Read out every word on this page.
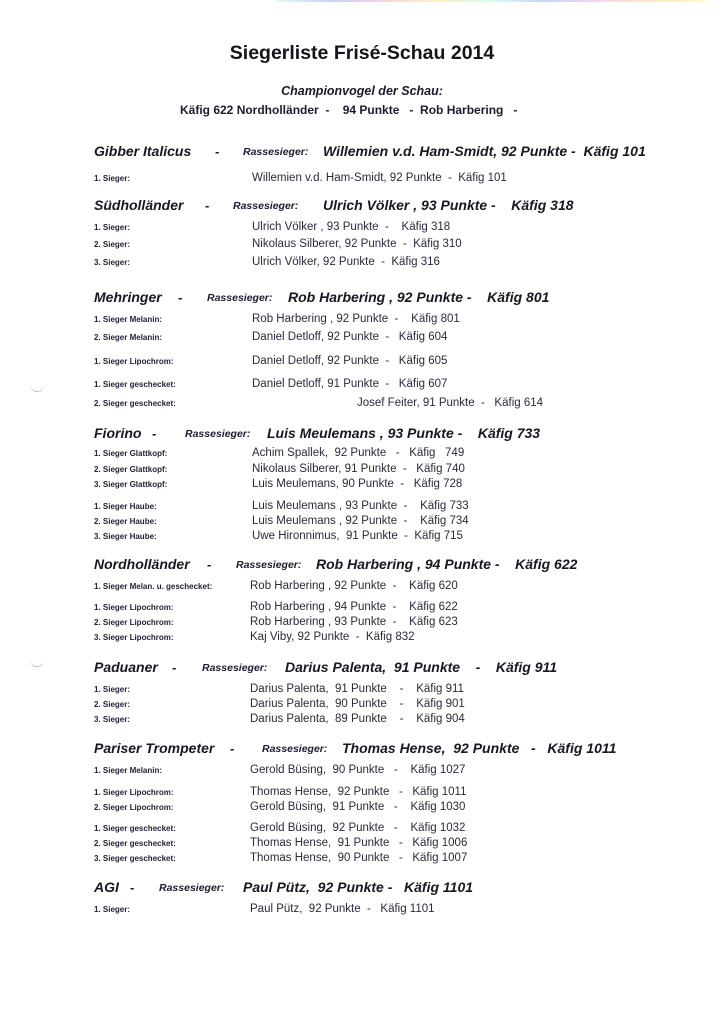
Siegerliste Frisé-Schau 2014
Championvogel der Schau:
Käfig 622 Nordholländer  -    94 Punkte   -  Rob Harbering   -
Gibber Italicus - Rassesieger: Willemien v.d. Ham-Smidt, 92 Punkte -  Käfig 101
1. Sieger:	Willemien v.d. Ham-Smidt, 92 Punkte  -  Käfig 101
Südholländer - Rassesieger: Ulrich Völker , 93 Punkte -    Käfig 318
1. Sieger:	Ulrich Völker , 93 Punkte  -    Käfig 318
2. Sieger:	Nikolaus Silberer, 92 Punkte  -  Käfig 310
3. Sieger:	Ulrich Völker, 92 Punkte  -  Käfig 316
Mehringer - Rassesieger: Rob Harbering , 92 Punkte -    Käfig 801
1. Sieger Melanin:	Rob Harbering , 92 Punkte  -    Käfig 801
2. Sieger Melanin:	Daniel Detloff, 92 Punkte  -   Käfig 604
1. Sieger Lipochrom:	Daniel Detloff, 92 Punkte  -   Käfig 605
1. Sieger geschecket:	Daniel Detloff, 91 Punkte  -   Käfig 607
2. Sieger geschecket:	Josef Feiter, 91 Punkte  -   Käfig 614
Fiorino -	Rassesieger: Luis Meulemans , 93 Punkte -    Käfig 733
1. Sieger Glattkopf:	Achim Spallek,  92 Punkte   -   Käfig   749
2. Sieger Glattkopf:	Nikolaus Silberer, 91 Punkte  -   Käfig 740
3. Sieger Glattkopf:	Luis Meulemans, 90 Punkte  -   Käfig 728
1. Sieger Haube:	Luis Meulemans , 93 Punkte  -    Käfig 733
2. Sieger Haube:	Luis Meulemans , 92 Punkte  -    Käfig 734
3. Sieger Haube:	Uwe Hironnimus,  91 Punkte  -  Käfig 715
Nordholländer - Rassesieger: Rob Harbering , 94 Punkte -    Käfig 622
1. Sieger Melan. u. geschecket:	Rob Harbering , 92 Punkte  -    Käfig 620
1. Sieger Lipochrom:	Rob Harbering , 94 Punkte  -    Käfig 622
2. Sieger Lipochrom:	Rob Harbering , 93 Punkte  -    Käfig 623
3. Sieger Lipochrom:	Kaj Viby, 92 Punkte  -  Käfig 832
Paduaner - Rassesieger: Darius Palenta,  91 Punkte    -    Käfig 911
1. Sieger:	Darius Palenta,  91 Punkte    -    Käfig 911
2. Sieger:	Darius Palenta,  90 Punkte    -    Käfig 901
3. Sieger:	Darius Palenta,  89 Punkte    -    Käfig 904
Pariser Trompeter -	Rassesieger: Thomas Hense,  92 Punkte   -   Käfig 1011
1. Sieger Melanin:	Gerold Büsing,  90 Punkte   -    Käfig 1027
1. Sieger Lipochrom:	Thomas Hense,  92 Punkte   -   Käfig 1011
2. Sieger Lipochrom:	Gerold Büsing,  91 Punkte   -    Käfig 1030
1. Sieger geschecket:	Gerold Büsing,  92 Punkte   -    Käfig 1032
2. Sieger geschecket:	Thomas Hense,  91 Punkte   -   Käfig 1006
3. Sieger geschecket:	Thomas Hense,  90 Punkte   -   Käfig 1007
AGI - Rassesieger: Paul Pütz,  92 Punkte -   Käfig 1101
1. Sieger:	Paul Pütz,  92 Punkte  -   Käfig 1101
